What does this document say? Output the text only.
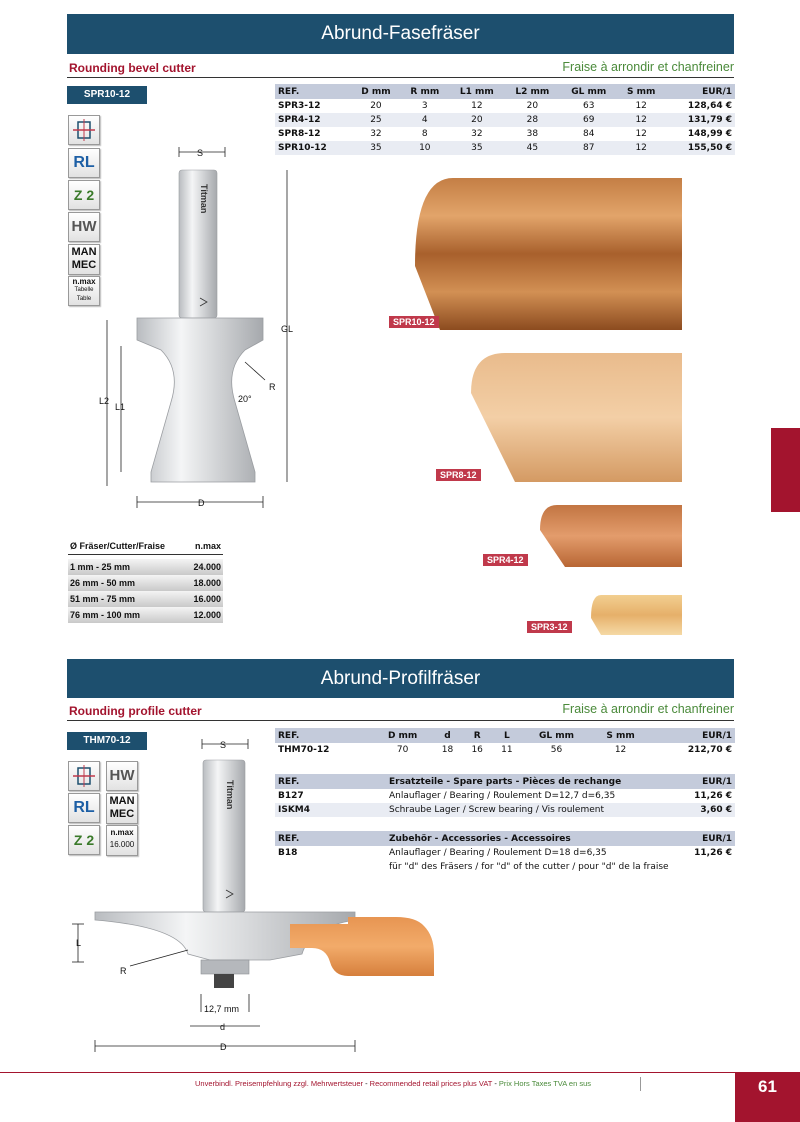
Abrund-Fasefräser
Rounding bevel cutter	Fraise à arrondir et chanfreiner
SPR10-12	REF.	D mm	R mm	L1 mm	L2 mm	GL mm	S mm	EUR/1
SPR3-12	20	3	12	20	63	12	128,64 €
SPR4-12	25	4	20	28	69	12	131,79 €
SPR8-12	32	8	32	38	84	12	148,99 €
SPR10-12	35	10	35	45	87	12	155,50 €
RL
Z 2
HW
MAN
MEC
n.max
Tabelle
Table
S
Titman
GL
L2
L1
R
20°
D
SPR10-12
SPR8-12
SPR4-12
SPR3-12
Ø Fräser/Cutter/Fraise	n.max

1 mm - 25 mm	24.000
26 mm - 50 mm	18.000
51 mm - 75 mm	16.000
76 mm - 100 mm	12.000
Abrund-Profilfräser
Rounding profile cutter	Fraise à arrondir et chanfreiner
THM70-12	REF.	D mm	d	R	L	GL mm	S mm	EUR/1
THM70-12	70	18	16	11	56	12	212,70 €
REF.	Ersatzteile - Spare parts - Pièces de rechange	EUR/1
B127	Anlauflager / Bearing / Roulement D=12,7 d=6,35	11,26 €
ISKM4	Schraube Lager / Screw bearing / Vis roulement	3,60 €
REF.	Zubehör - Accessories - Accessoires	EUR/1
B18	Anlauflager / Bearing / Roulement D=18 d=6,35	11,26 €
	für "d" des Fräsers / for "d" of the cutter / pour "d" de la fraise	
HW
RL	MAN
MEC
Z 2	n.max
16.000
S
Titman
L
R
12,7 mm
d
D
Unverbindl. Preisempfehlung zzgl. Mehrwertsteuer - Recommended retail prices plus VAT - Prix Hors Taxes TVA en sus	61
